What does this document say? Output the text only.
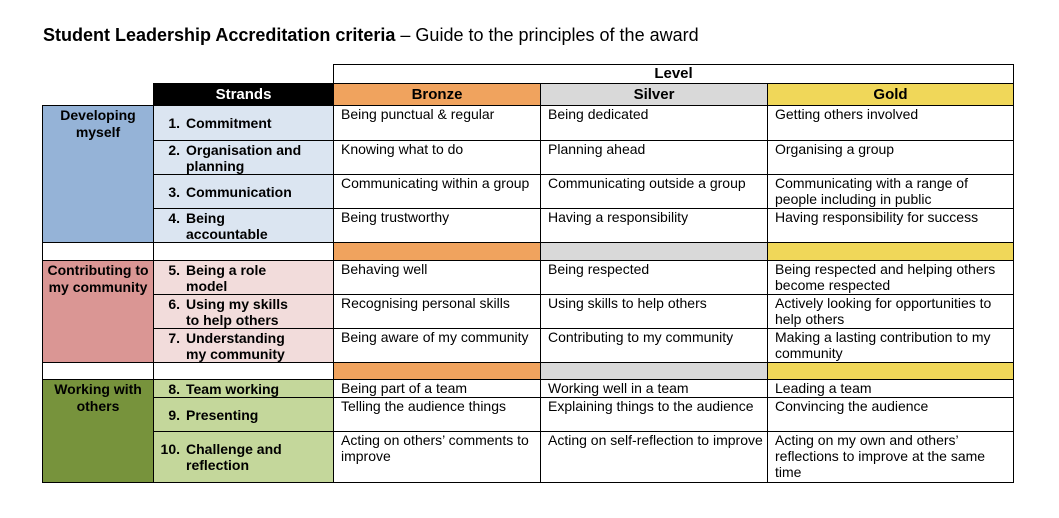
Student Leadership Accreditation criteria – Guide to the principles of the award
		Level		
	Strands	Bronze	Silver	Gold
Developing myself	1. Commitment	Being punctual & regular	Being dedicated	Getting others involved
	2. Organisation and planning	Knowing what to do	Planning ahead	Organising a group
	3. Communication	Communicating within a group	Communicating outside a group	Communicating with a range of people including in public
	4. Being accountable	Being trustworthy	Having a responsibility	Having responsibility for success

Contributing to my community	5. Being a role model	Behaving well	Being respected	Being respected and helping others become respected
	6. Using my skills to help others	Recognising personal skills	Using skills to help others	Actively looking for opportunities to help others
	7. Understanding my community	Being aware of my community	Contributing to my community	Making a lasting contribution to my community

Working with others	8. Team working	Being part of a team	Working well in a team	Leading a team
	9. Presenting	Telling the audience things	Explaining things to the audience	Convincing the audience
	10. Challenge and reflection	Acting on others’ comments to improve	Acting on self-reflection to improve	Acting on my own and others’ reflections to improve at the same time
